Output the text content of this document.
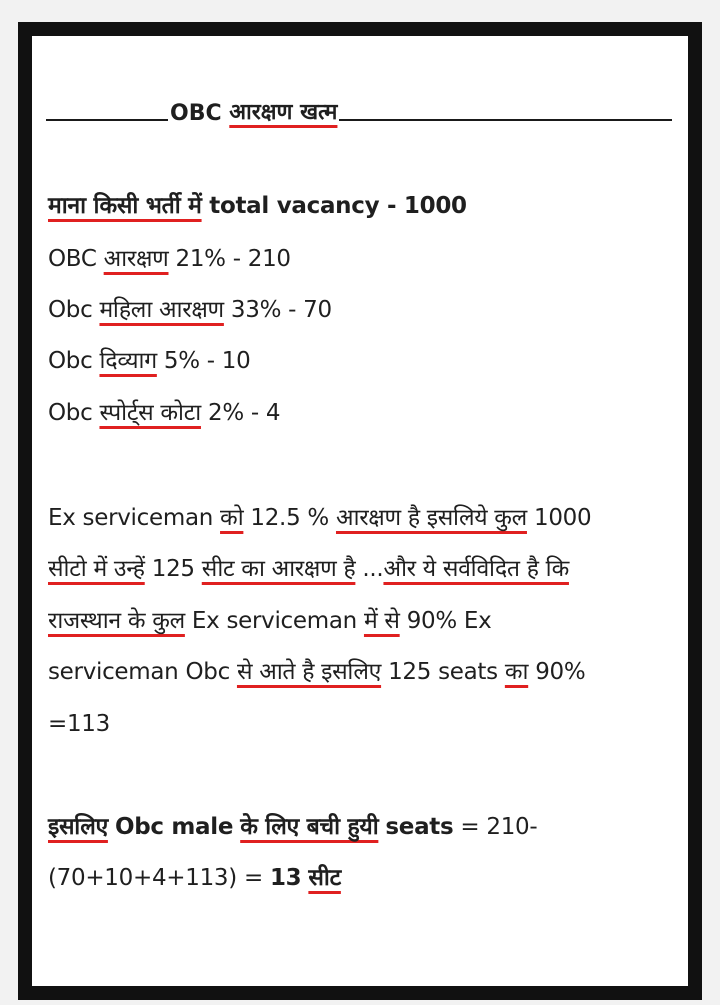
OBC
आरक्षण खत्म
माना किसी भर्ती में total vacancy - 1000
OBC आरक्षण 21% - 210
Obc महिला आरक्षण 33% - 70
Obc दिव्याग 5% - 10
Obc स्पोर्ट्स कोटा 2% - 4
Ex serviceman को 12.5 % आरक्षण है इसलिये कुल 1000
सीटो में उन्हें 125 सीट का आरक्षण है ...और ये सर्वविदित है कि
राजस्थान के कुल Ex serviceman में से 90% Ex
serviceman Obc से आते है इसलिए 125 seats का 90%
=113
इसलिए Obc male के लिए बची हुयी seats = 210-
(70+10+4+113) = 13 सीट
